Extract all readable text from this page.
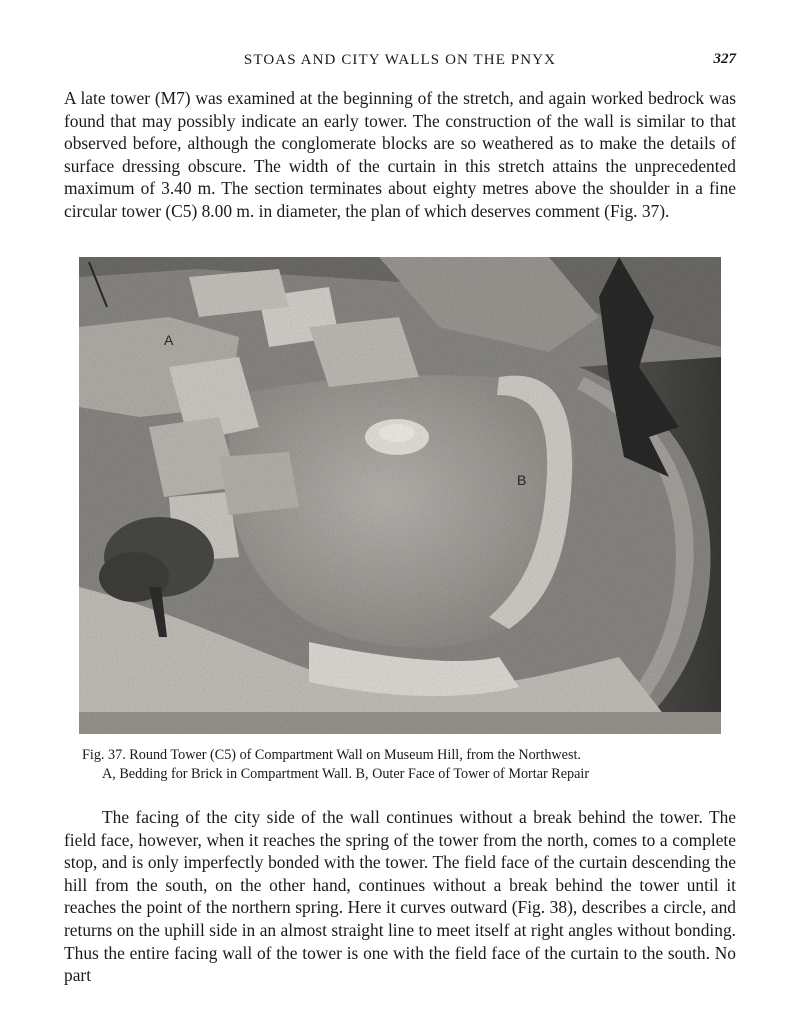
STOAS AND CITY WALLS ON THE PNYX	327

A late tower (M7) was examined at the beginning of the stretch, and again worked bedrock was found that may possibly indicate an early tower. The construction of the wall is similar to that observed before, although the conglomerate blocks are so weathered as to make the details of surface dressing obscure. The width of the curtain in this stretch attains the unprecedented maximum of 3.40 m. The section terminates about eighty metres above the shoulder in a fine circular tower (C5) 8.00 m. in diameter, the plan of which deserves comment (Fig. 37).

A
B

Fig. 37. Round Tower (C5) of Compartment Wall on Museum Hill, from the Northwest.

A, Bedding for Brick in Compartment Wall. B, Outer Face of Tower of Mortar Repair

The facing of the city side of the wall continues without a break behind the tower. The field face, however, when it reaches the spring of the tower from the north, comes to a complete stop, and is only imperfectly bonded with the tower. The field face of the curtain descending the hill from the south, on the other hand, continues without a break behind the tower until it reaches the point of the northern spring. Here it curves outward (Fig. 38), describes a circle, and returns on the uphill side in an almost straight line to meet itself at right angles without bonding. Thus the entire facing wall of the tower is one with the field face of the curtain to the south. No part
